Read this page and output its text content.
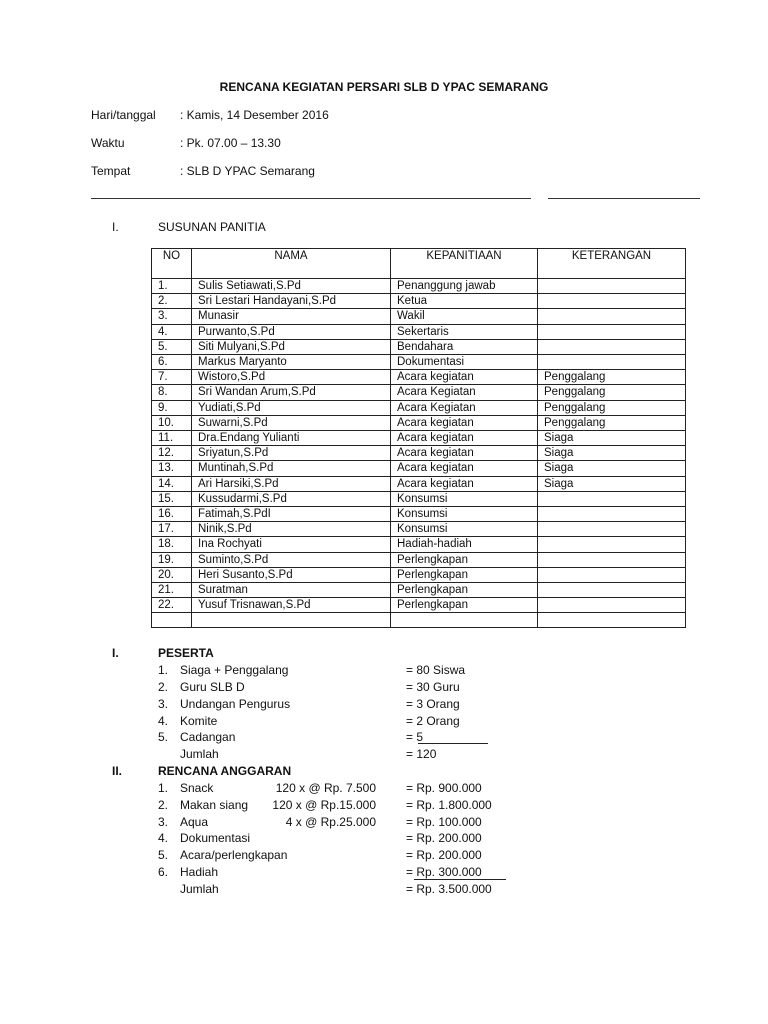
RENCANA KEGIATAN PERSARI SLB D YPAC SEMARANG
Hari/tanggal : Kamis, 14 Desember 2016
Waktu	: Pk. 07.00 – 13.30
Tempat	: SLB D YPAC Semarang
I.	SUSUNAN PANITIA
NO	NAMA	KEPANITIAAN	KETERANGAN
1.	Sulis Setiawati,S.Pd	Penanggung jawab	
2.	Sri Lestari Handayani,S.Pd	Ketua	
3.	Munasir	Wakil	
4.	Purwanto,S.Pd	Sekertaris	
5.	Siti Mulyani,S.Pd	Bendahara	
6.	Markus Maryanto	Dokumentasi	
7.	Wistoro,S.Pd	Acara kegiatan	Penggalang
8.	Sri Wandan Arum,S.Pd	Acara Kegiatan	Penggalang
9.	Yudiati,S.Pd	Acara Kegiatan	Penggalang
10.	Suwarni,S.Pd	Acara kegiatan	Penggalang
11.	Dra.Endang Yulianti	Acara kegiatan	Siaga
12.	Sriyatun,S.Pd	Acara kegiatan	Siaga
13.	Muntinah,S.Pd	Acara kegiatan	Siaga
14.	Ari Harsiki,S.Pd	Acara kegiatan	Siaga
15.	Kussudarmi,S.Pd	Konsumsi	
16.	Fatimah,S.PdI	Konsumsi	
17.	Ninik,S.Pd	Konsumsi	
18.	Ina Rochyati	Hadiah-hadiah	
19.	Suminto,S.Pd	Perlengkapan	
20.	Heri Susanto,S.Pd	Perlengkapan	
21.	Suratman	Perlengkapan	
22.	Yusuf Trisnawan,S.Pd	Perlengkapan	

I.	PESERTA
1. Siaga + Penggalang	= 80 Siswa
2. Guru SLB D	= 30 Guru
3. Undangan Pengurus	= 3 Orang
4. Komite	= 2 Orang
5. Cadangan	= 5
Jumlah	= 120
II.	RENCANA ANGGARAN
1. Snack	120 x @ Rp. 7.500	= Rp. 900.000
2. Makan siang 120 x @ Rp.15.000	= Rp. 1.800.000
3. Aqua	4 x @ Rp.25.000	= Rp. 100.000
4. Dokumentasi	= Rp. 200.000
5. Acara/perlengkapan	= Rp. 200.000
6. Hadiah	= Rp. 300.000
Jumlah	= Rp. 3.500.000
